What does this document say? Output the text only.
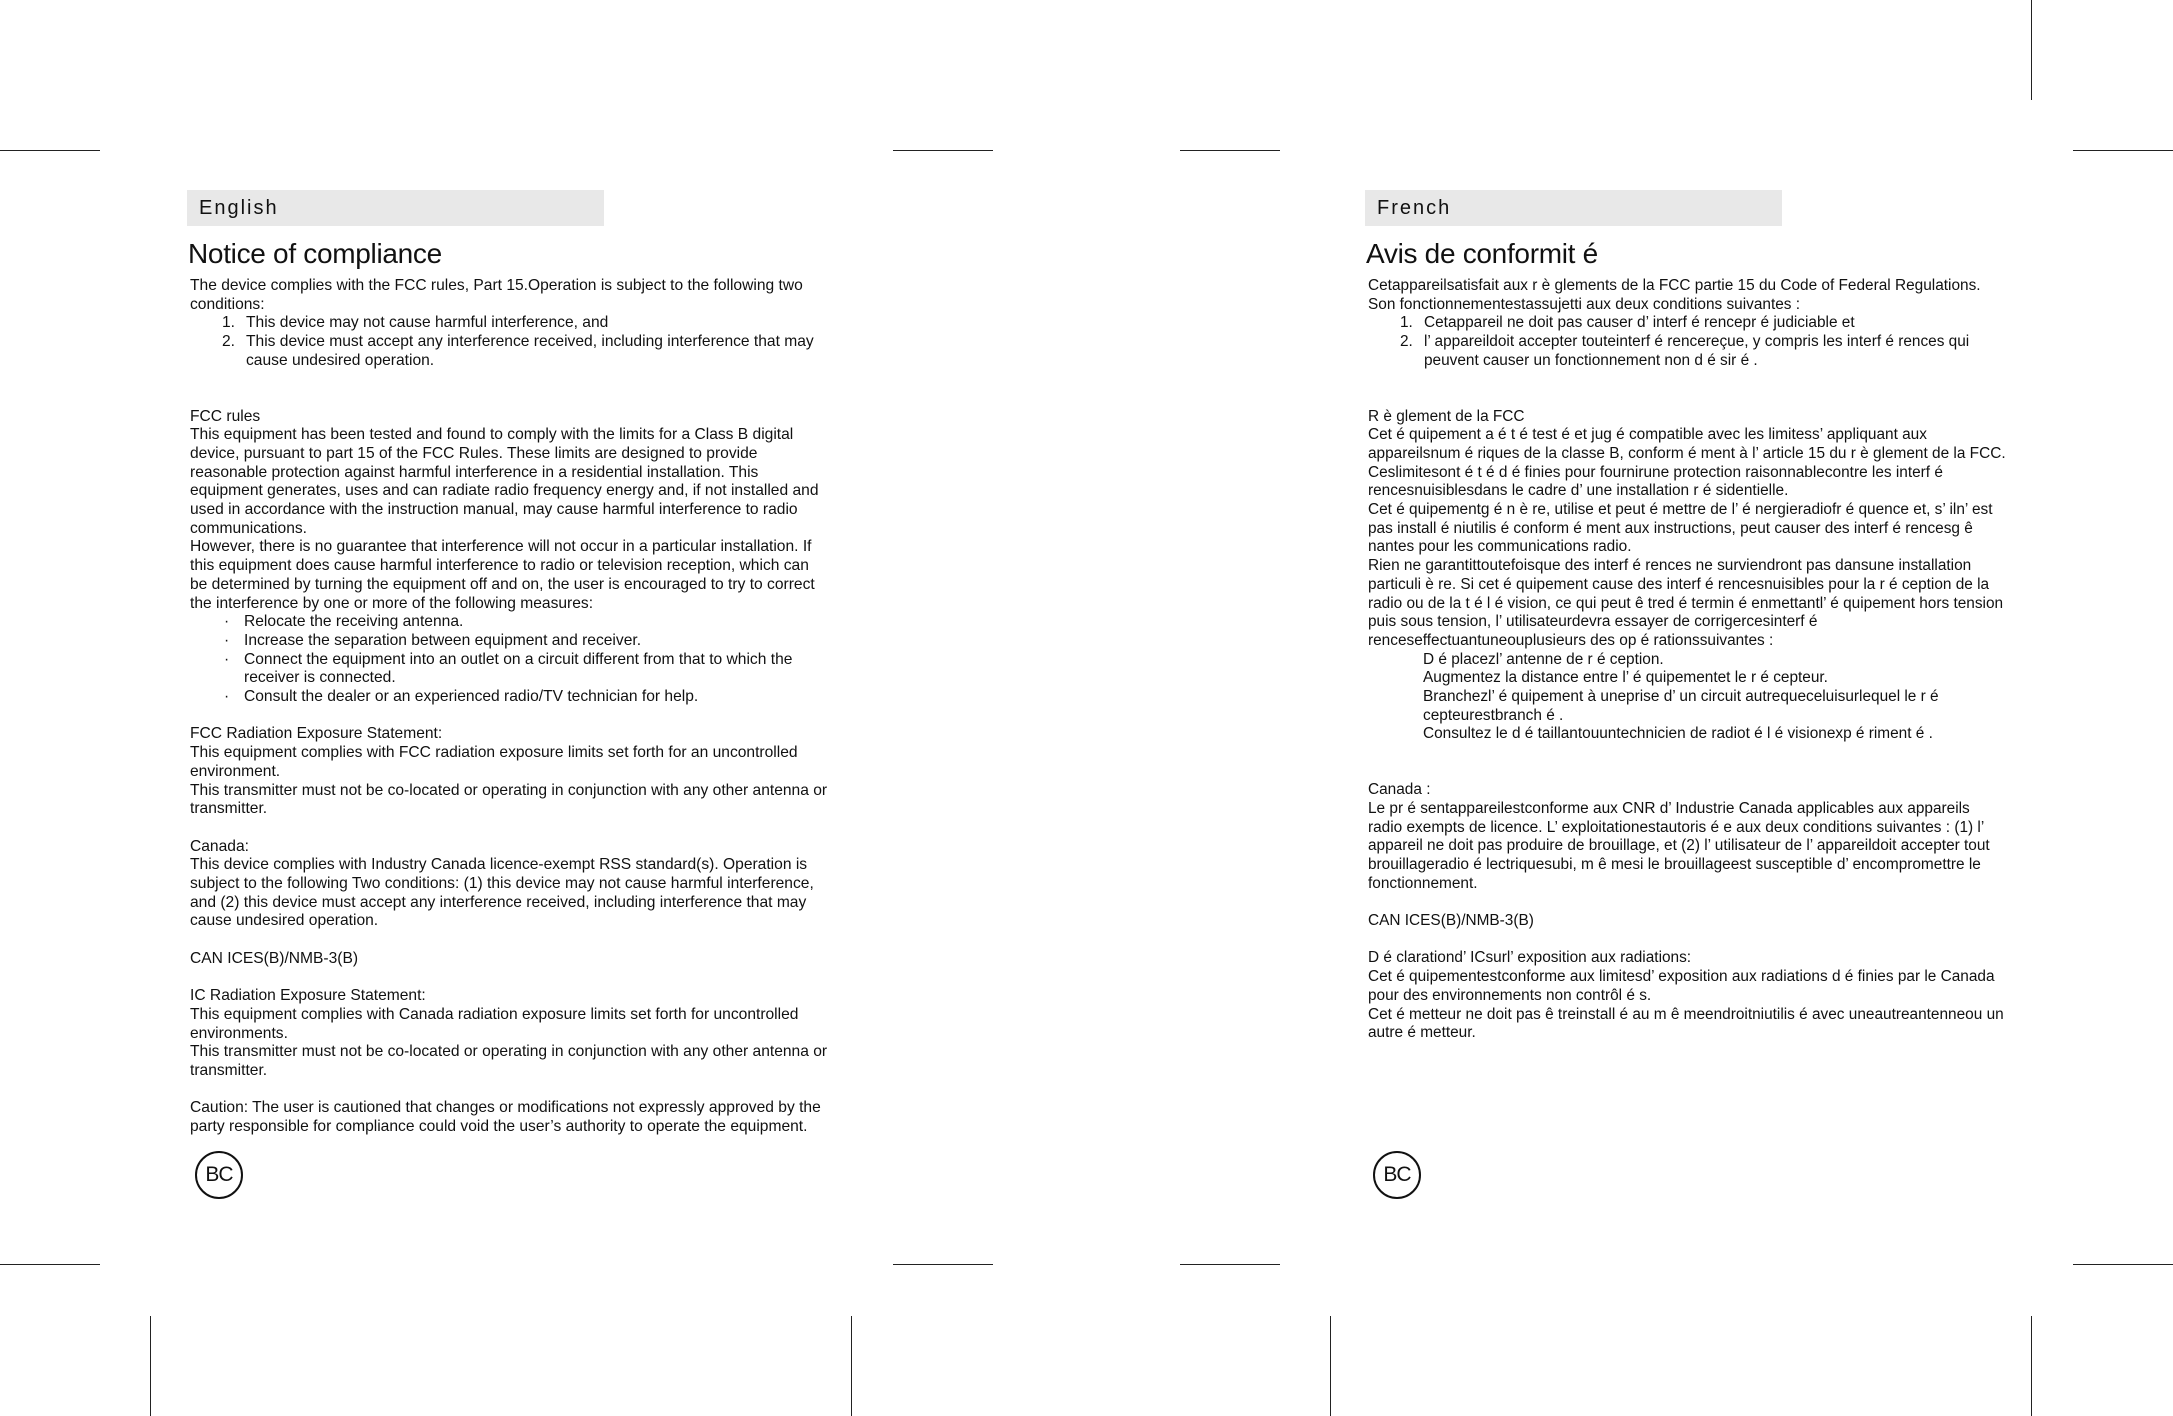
English
Notice of compliance

The device complies with the FCC rules, Part 15.Operation is subject to the following two conditions:

1. This device may not cause harmful interference, and
2. This device must accept any interference received, including interference that may cause undesired operation.

FCC rules

This equipment has been tested and found to comply with the limits for a Class B digital device, pursuant to part 15 of the FCC Rules. These limits are designed to provide reasonable protection against harmful interference in a residential installation. This equipment generates, uses and can radiate radio frequency energy and, if not installed and used in accordance with the instruction manual, may cause harmful interference to radio communications.

However, there is no guarantee that interference will not occur in a particular installation. If this equipment does cause harmful interference to radio or television reception, which can be determined by turning the equipment off and on, the user is encouraged to try to correct the interference by one or more of the following measures:

· Relocate the receiving antenna.
· Increase the separation between equipment and receiver.
· Connect the equipment into an outlet on a circuit different from that to which the receiver is connected.
· Consult the dealer or an experienced radio/TV technician for help.

FCC Radiation Exposure Statement:

This equipment complies with FCC radiation exposure limits set forth for an uncontrolled environment.

This transmitter must not be co-located or operating in conjunction with any other antenna or transmitter.

Canada:

This device complies with Industry Canada licence-exempt RSS standard(s). Operation is subject to the following Two conditions: (1) this device may not cause harmful interference, and (2) this device must accept any interference received, including interference that may cause undesired operation.

CAN ICES(B)/NMB-3(B)

IC Radiation Exposure Statement:

This equipment complies with Canada radiation exposure limits set forth for uncontrolled environments.

This transmitter must not be co-located or operating in conjunction with any other antenna or transmitter.

Caution: The user is cautioned that changes or modifications not expressly approved by the party responsible for compliance could void the user’s authority to operate the equipment.

BC
French
Avis de conformit é

Cetappareilsatisfait aux r è glements de la FCC partie 15 du Code of Federal Regulations. Son fonctionnementestassujetti aux deux conditions suivantes :

1. Cetappareil ne doit pas causer d’ interf é rencepr é judiciable et
2. l’ appareildoit accepter touteinterf é rencereçue, y compris les interf é rences qui peuvent causer un fonctionnement non d é sir é .

R è glement de la FCC

Cet é quipement a é t é test é et jug é compatible avec les limitess’ appliquant aux appareilsnum é riques de la classe B, conform é ment à l’ article 15 du r è glement de la FCC. Ceslimitesont é t é d é finies pour fournirune protection raisonnablecontre les interf é rencesnuisiblesdans le cadre d’ une installation r é sidentielle.

Cet é quipementg é n è re, utilise et peut é mettre de l’ é nergieradiofr é quence et, s’ iln’ est pas install é niutilis é conform é ment aux instructions, peut causer des interf é rencesg ê nantes pour les communications radio.

Rien ne garantittoutefoisque des interf é rences ne surviendront pas dansune installation particuli è re. Si cet é quipement cause des interf é rencesnuisibles pour la r é ception de la radio ou de la t é l é vision, ce qui peut ê tred é termin é enmettantl’ é quipement hors tension puis sous tension, l’ utilisateurdevra essayer de corrigercesinterf é renceseffectuantuneouplusieurs des op é rationssuivantes :

D é placezl’ antenne de r é ception.

Augmentez la distance entre l’ é quipementet le r é cepteur.

Branchezl’ é quipement à uneprise d’ un circuit autrequeceluisurlequel le r é cepteurestbranch é .

Consultez le d é taillantouuntechnicien de radiot é l é visionexp é riment é .

Canada :

Le pr é sentappareilestconforme aux CNR d’ Industrie Canada applicables aux appareils radio exempts de licence. L’ exploitationestautoris é e aux deux conditions suivantes : (1) l’ appareil ne doit pas produire de brouillage, et (2) l’ utilisateur de l’ appareildoit accepter tout brouillageradio é lectriquesubi, m ê mesi le brouillageest susceptible d’ encompromettre le fonctionnement.

CAN ICES(B)/NMB-3(B)

D é clarationd’ ICsurl’ exposition aux radiations:

Cet é quipementestconforme aux limitesd’ exposition aux radiations d é finies par le Canada pour des environnements non contrôl é s.

Cet é metteur ne doit pas ê treinstall é au m ê meendroitniutilis é avec uneautreantenneou un autre é metteur.

BC
